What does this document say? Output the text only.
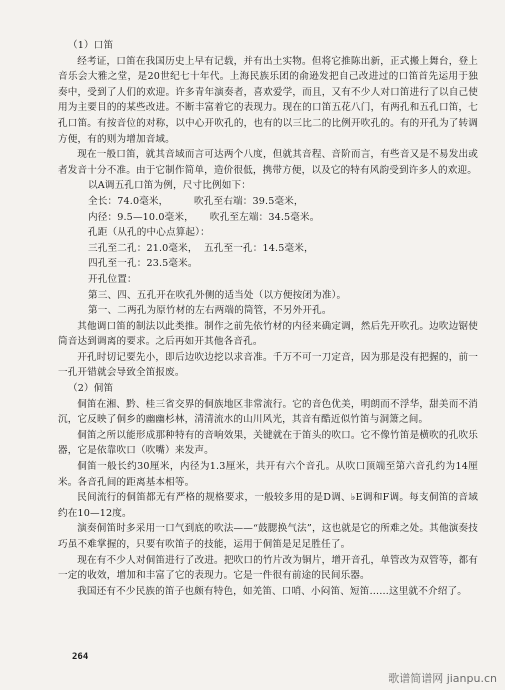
（1）口笛

经考证，口笛在我国历史上早有记载，并有出土实物。但将它推陈出新，正式搬上舞台，登上音乐会大雅之堂，是20世纪七十年代。上海民族乐团的俞逊发把自己改进过的口笛首先运用于独奏中，受到了人们的欢迎。许多青年演奏者，喜欢爱学，而且，又有不少人对口笛进行了以自己使用为主要目的的某些改进。不断丰富着它的表现力。现在的口笛五花八门，有两孔和五孔口笛，七孔口笛。有按音位的对称，以中心开吹孔的，也有的以三比二的比例开吹孔的。有的开孔为了转调方便，有的则为增加音域。

现在一般口笛，就其音域而言可达两个八度，但就其音程、音阶而言，有些音又是不易发出或者发音十分不准。由于它制作简单，造价很低，携带方便，以及它的特有风韵受到许多人的欢迎。

以A调五孔口笛为例，尺寸比例如下：

全长：74.0毫米，        吹孔至右端：39.5毫米，

内径：9.5—10.0毫米，     吹孔至左端：34.5毫米。

孔距（从孔的中心点算起）：

三孔至二孔：21.0毫米，  五孔至一孔：14.5毫米，

四孔至一孔：23.5毫米。

开孔位置：

第三、四、五孔开在吹孔外侧的适当处（以方便按闭为准）。

第一、二两孔为原竹材的左右两端的筒管，不另外开孔。

其他调口笛的制法以此类推。制作之前先依竹材的内径来确定调，然后先开吹孔。边吹边锯使筒音达到调离的要求。之后再如开其他各音孔。

开孔时切记要先小，即后边吹边挖以求音准。千万不可一刀定音，因为那是没有把握的，前一一孔开错就会导致全笛报废。

（2）侗笛

侗笛在湘、黔、桂三省交界的侗族地区非常流行。它的音色优美，明朗而不浮华，甜美而不消沉，它反映了侗乡的幽幽杉林，清清流水的山川风光，其音有酷近似竹笛与洞箫之间。

侗笛之所以能形成那种特有的音响效果，关键就在于笛头的吹口。它不像竹笛是横吹的孔吹乐器，它是依靠吹口（吹嘴）来发声。

侗笛一般长约30厘米，内径为1.3厘米，共开有六个音孔。从吹口顶端至第六音孔约为14厘米。各音孔间的距离基本相等。

民间流行的侗笛都无有严格的规格要求，一般较多用的是D调、♭E调和F调。每支侗笛的音域约在10—12度。

演奏侗笛时多采用一口气到底的吹法——“鼓腮换气法”，这也就是它的所难之处。其他演奏技巧虽不难掌握的，只要有吹笛子的技能，运用于侗笛是足足胜任了。

现在有不少人对侗笛进行了改进。把吹口的竹片改为铜片，增开音孔，单管改为双管等，都有一定的收效，增加和丰富了它的表现力。它是一件很有前途的民间乐器。

我国还有不少民族的笛子也颇有特色，如羌笛、口哨、小闷笛、短笛……这里就不介绍了。

264
歌谱简谱网 jianpu.cn
